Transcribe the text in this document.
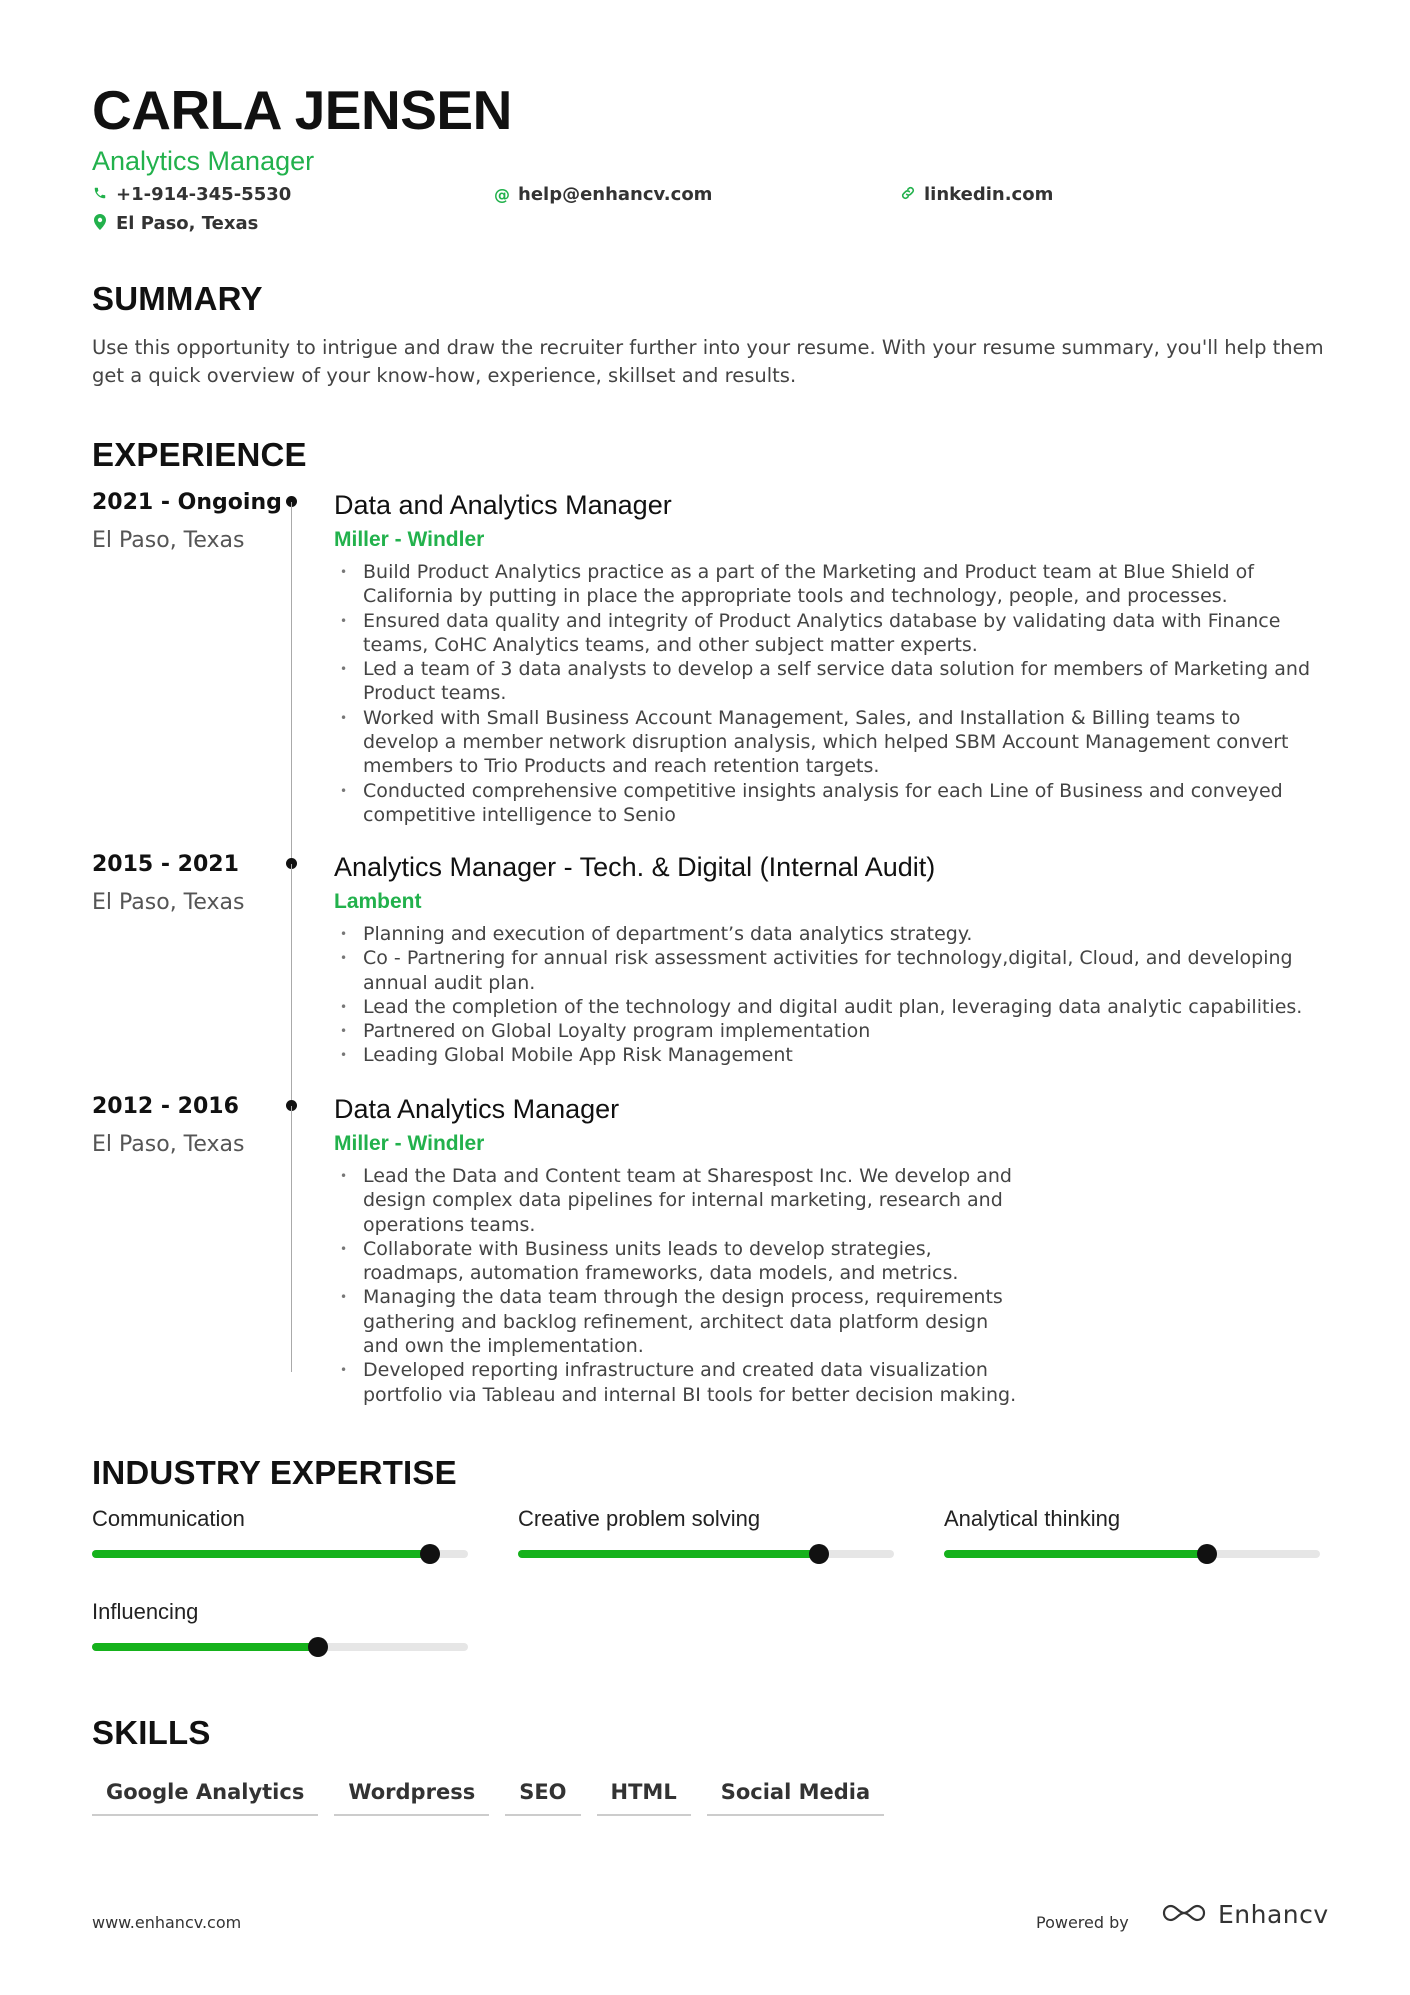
CARLA JENSEN
Analytics Manager
+1-914-345-5530	@ help@enhancv.com	linkedin.com
El Paso, Texas
SUMMARY
Use this opportunity to intrigue and draw the recruiter further into your resume. With your resume summary, you'll help them get a quick overview of your know-how, experience, skillset and results.
EXPERIENCE
2021 - Ongoing
El Paso, Texas
Data and Analytics Manager
Miller - Windler
• Build Product Analytics practice as a part of the Marketing and Product team at Blue Shield of California by putting in place the appropriate tools and technology, people, and processes.
• Ensured data quality and integrity of Product Analytics database by validating data with Finance teams, CoHC Analytics teams, and other subject matter experts.
• Led a team of 3 data analysts to develop a self service data solution for members of Marketing and Product teams.
• Worked with Small Business Account Management, Sales, and Installation & Billing teams to develop a member network disruption analysis, which helped SBM Account Management convert members to Trio Products and reach retention targets.
• Conducted comprehensive competitive insights analysis for each Line of Business and conveyed competitive intelligence to Senio
2015 - 2021
El Paso, Texas
Analytics Manager - Tech. & Digital (Internal Audit)
Lambent
• Planning and execution of department’s data analytics strategy.
• Co - Partnering for annual risk assessment activities for technology,digital, Cloud, and developing annual audit plan.
• Lead the completion of the technology and digital audit plan, leveraging data analytic capabilities.
• Partnered on Global Loyalty program implementation
• Leading Global Mobile App Risk Management
2012 - 2016
El Paso, Texas
Data Analytics Manager
Miller - Windler
• Lead the Data and Content team at Sharespost Inc. We develop and design complex data pipelines for internal marketing, research and operations teams.
• Collaborate with Business units leads to develop strategies, roadmaps, automation frameworks, data models, and metrics.
• Managing the data team through the design process, requirements gathering and backlog refinement, architect data platform design and own the implementation.
• Developed reporting infrastructure and created data visualization portfolio via Tableau and internal BI tools for better decision making.
INDUSTRY EXPERTISE
Communication	Creative problem solving	Analytical thinking
Influencing
SKILLS
Google Analytics	Wordpress	SEO	HTML	Social Media
www.enhancv.com	Powered by	Enhancv
